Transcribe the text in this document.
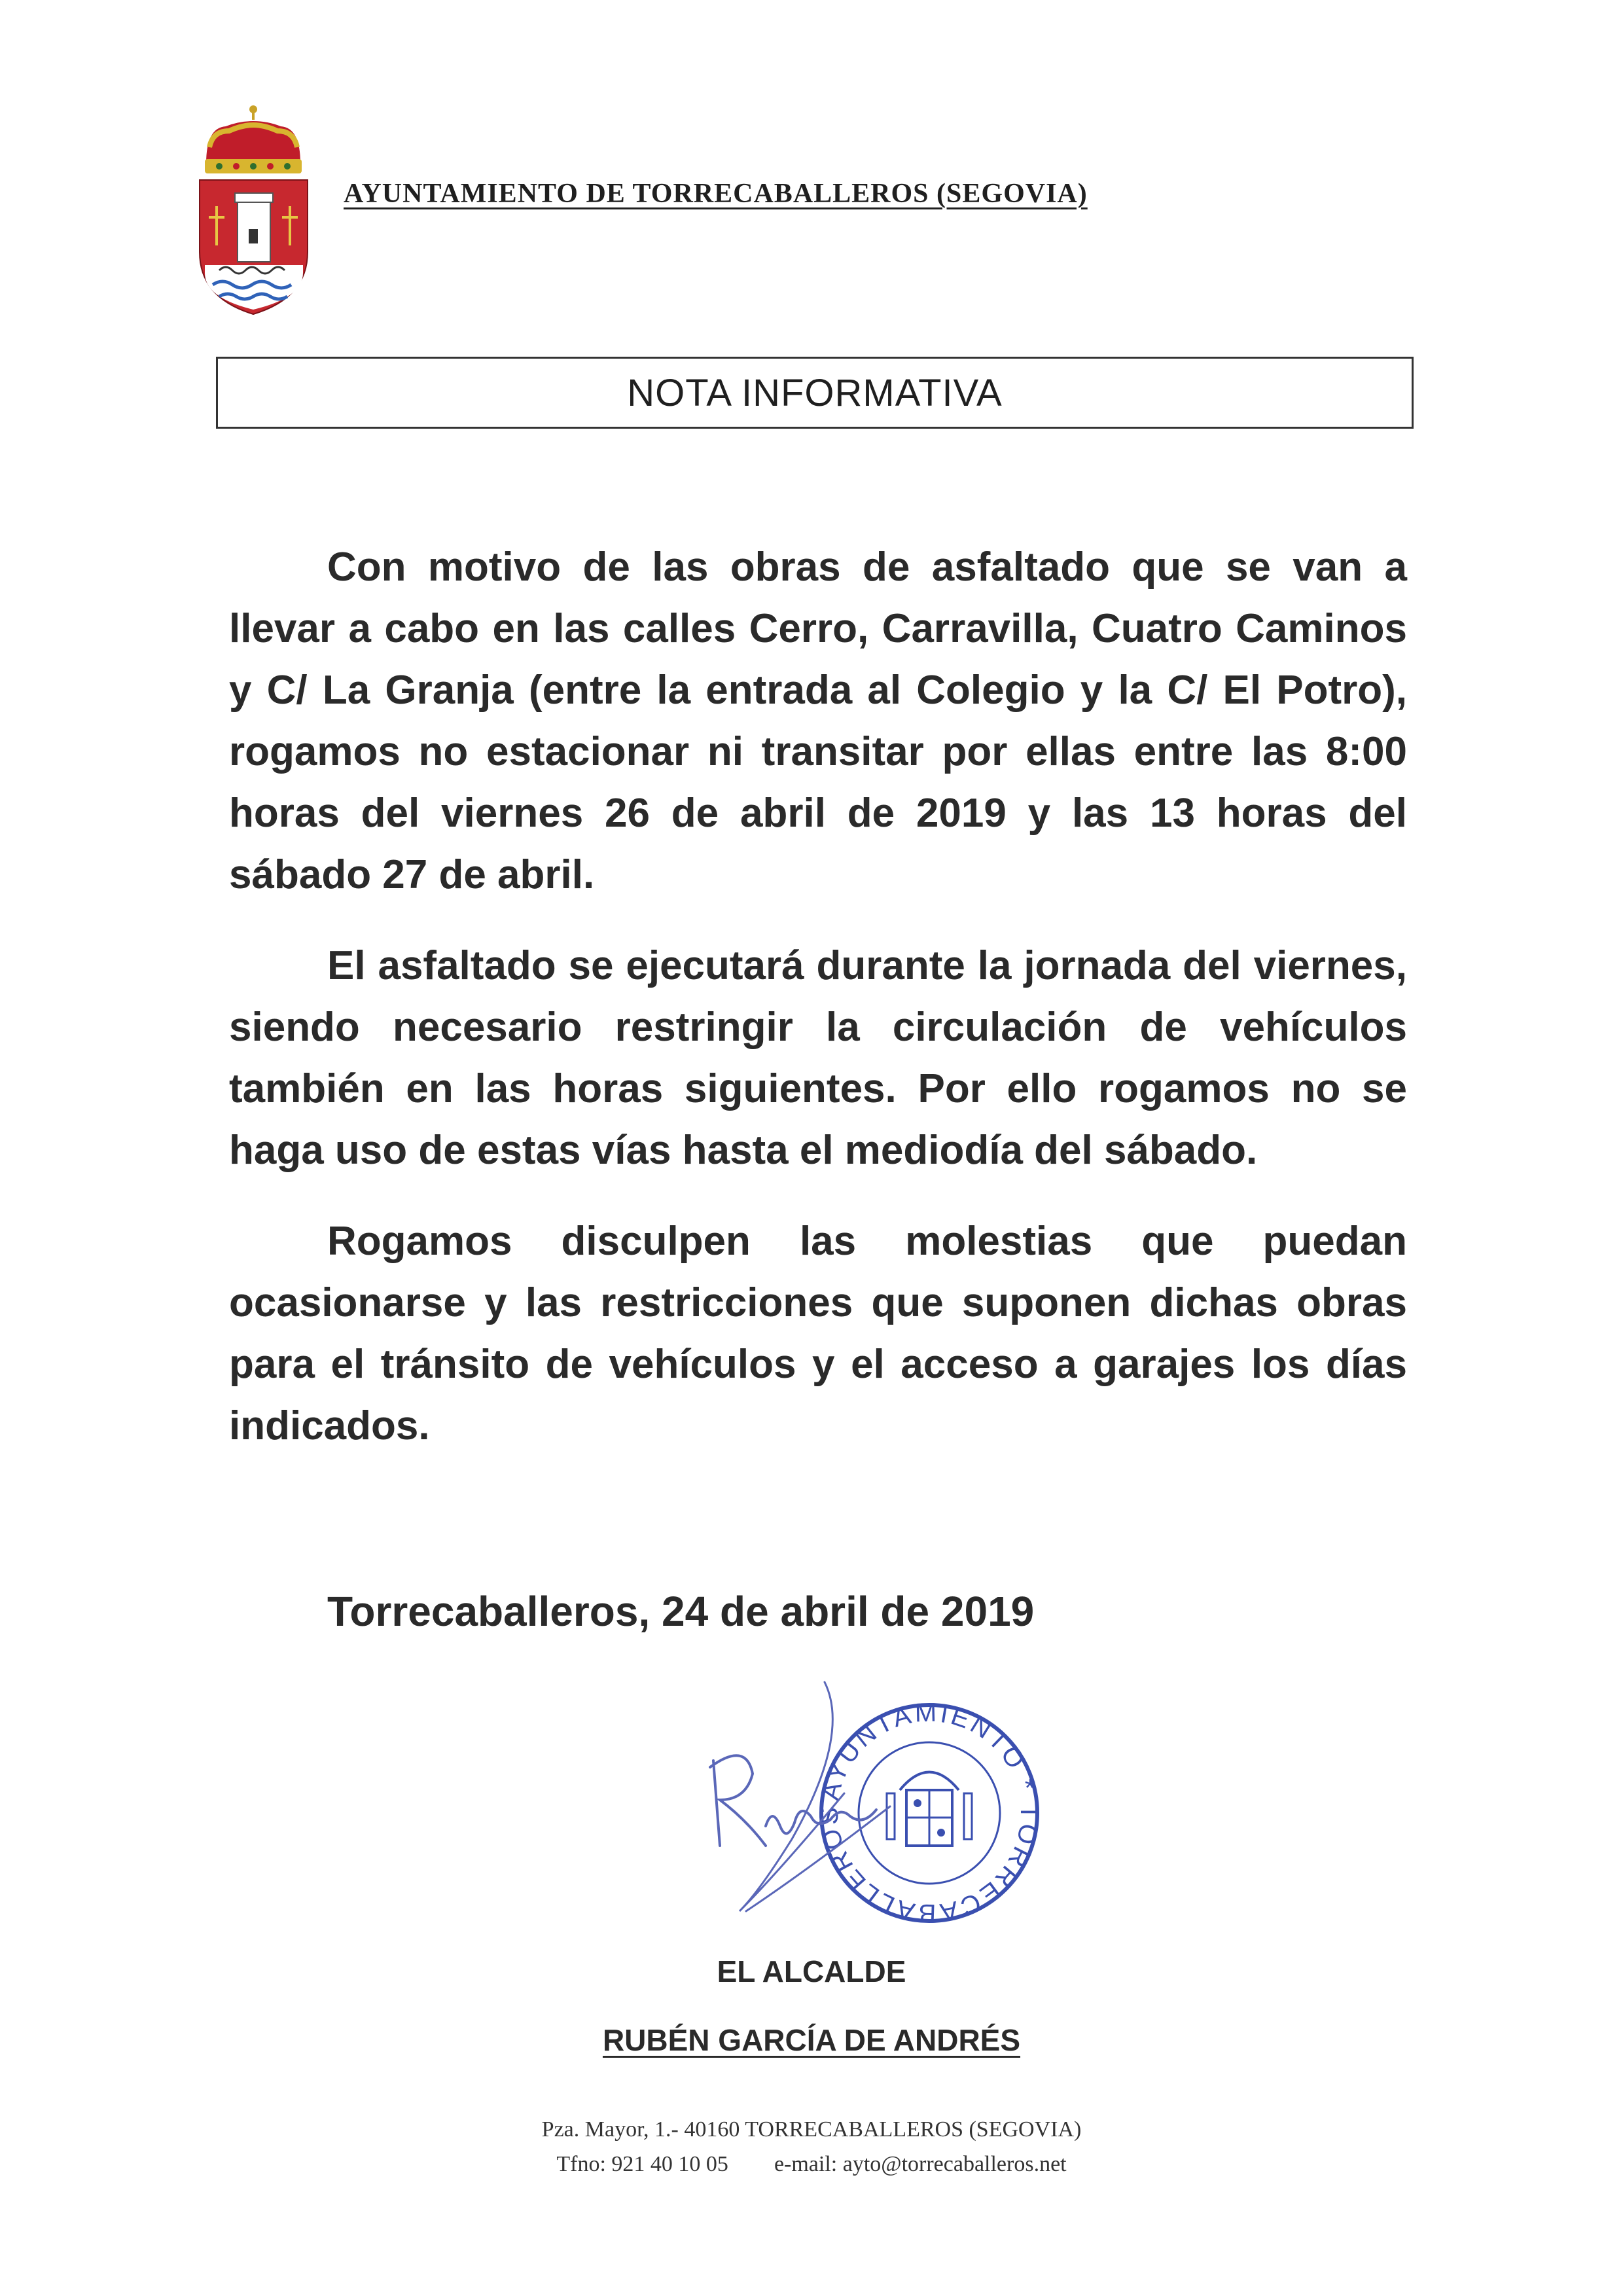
AYUNTAMIENTO DE TORRECABALLEROS (SEGOVIA)
NOTA INFORMATIVA

Con motivo de las obras de asfaltado que se van a llevar a cabo en las calles Cerro, Carravilla, Cuatro Caminos y C/ La Granja (entre la entrada al Colegio y la C/ El Potro), rogamos no estacionar ni transitar por ellas entre las 8:00 horas del viernes 26 de abril de 2019 y las 13 horas del sábado 27 de abril.

El asfaltado se ejecutará durante la jornada del viernes, siendo necesario restringir la circulación de vehículos también en las horas siguientes. Por ello rogamos no se haga uso de estas vías hasta el mediodía del sábado.

Rogamos disculpen las molestias que puedan ocasionarse y las restricciones que suponen dichas obras para el tránsito de vehículos y el acceso a garajes los días indicados.

Torrecaballeros, 24 de abril de 2019
AYUNTAMIENTO * TORRECABALLEROS
EL ALCALDE
RUBÉN GARCÍA DE ANDRÉS
Pza. Mayor, 1.- 40160 TORRECABALLEROS (SEGOVIA)
Tfno: 921 40 10 05 e-mail: ayto@torrecaballeros.net
